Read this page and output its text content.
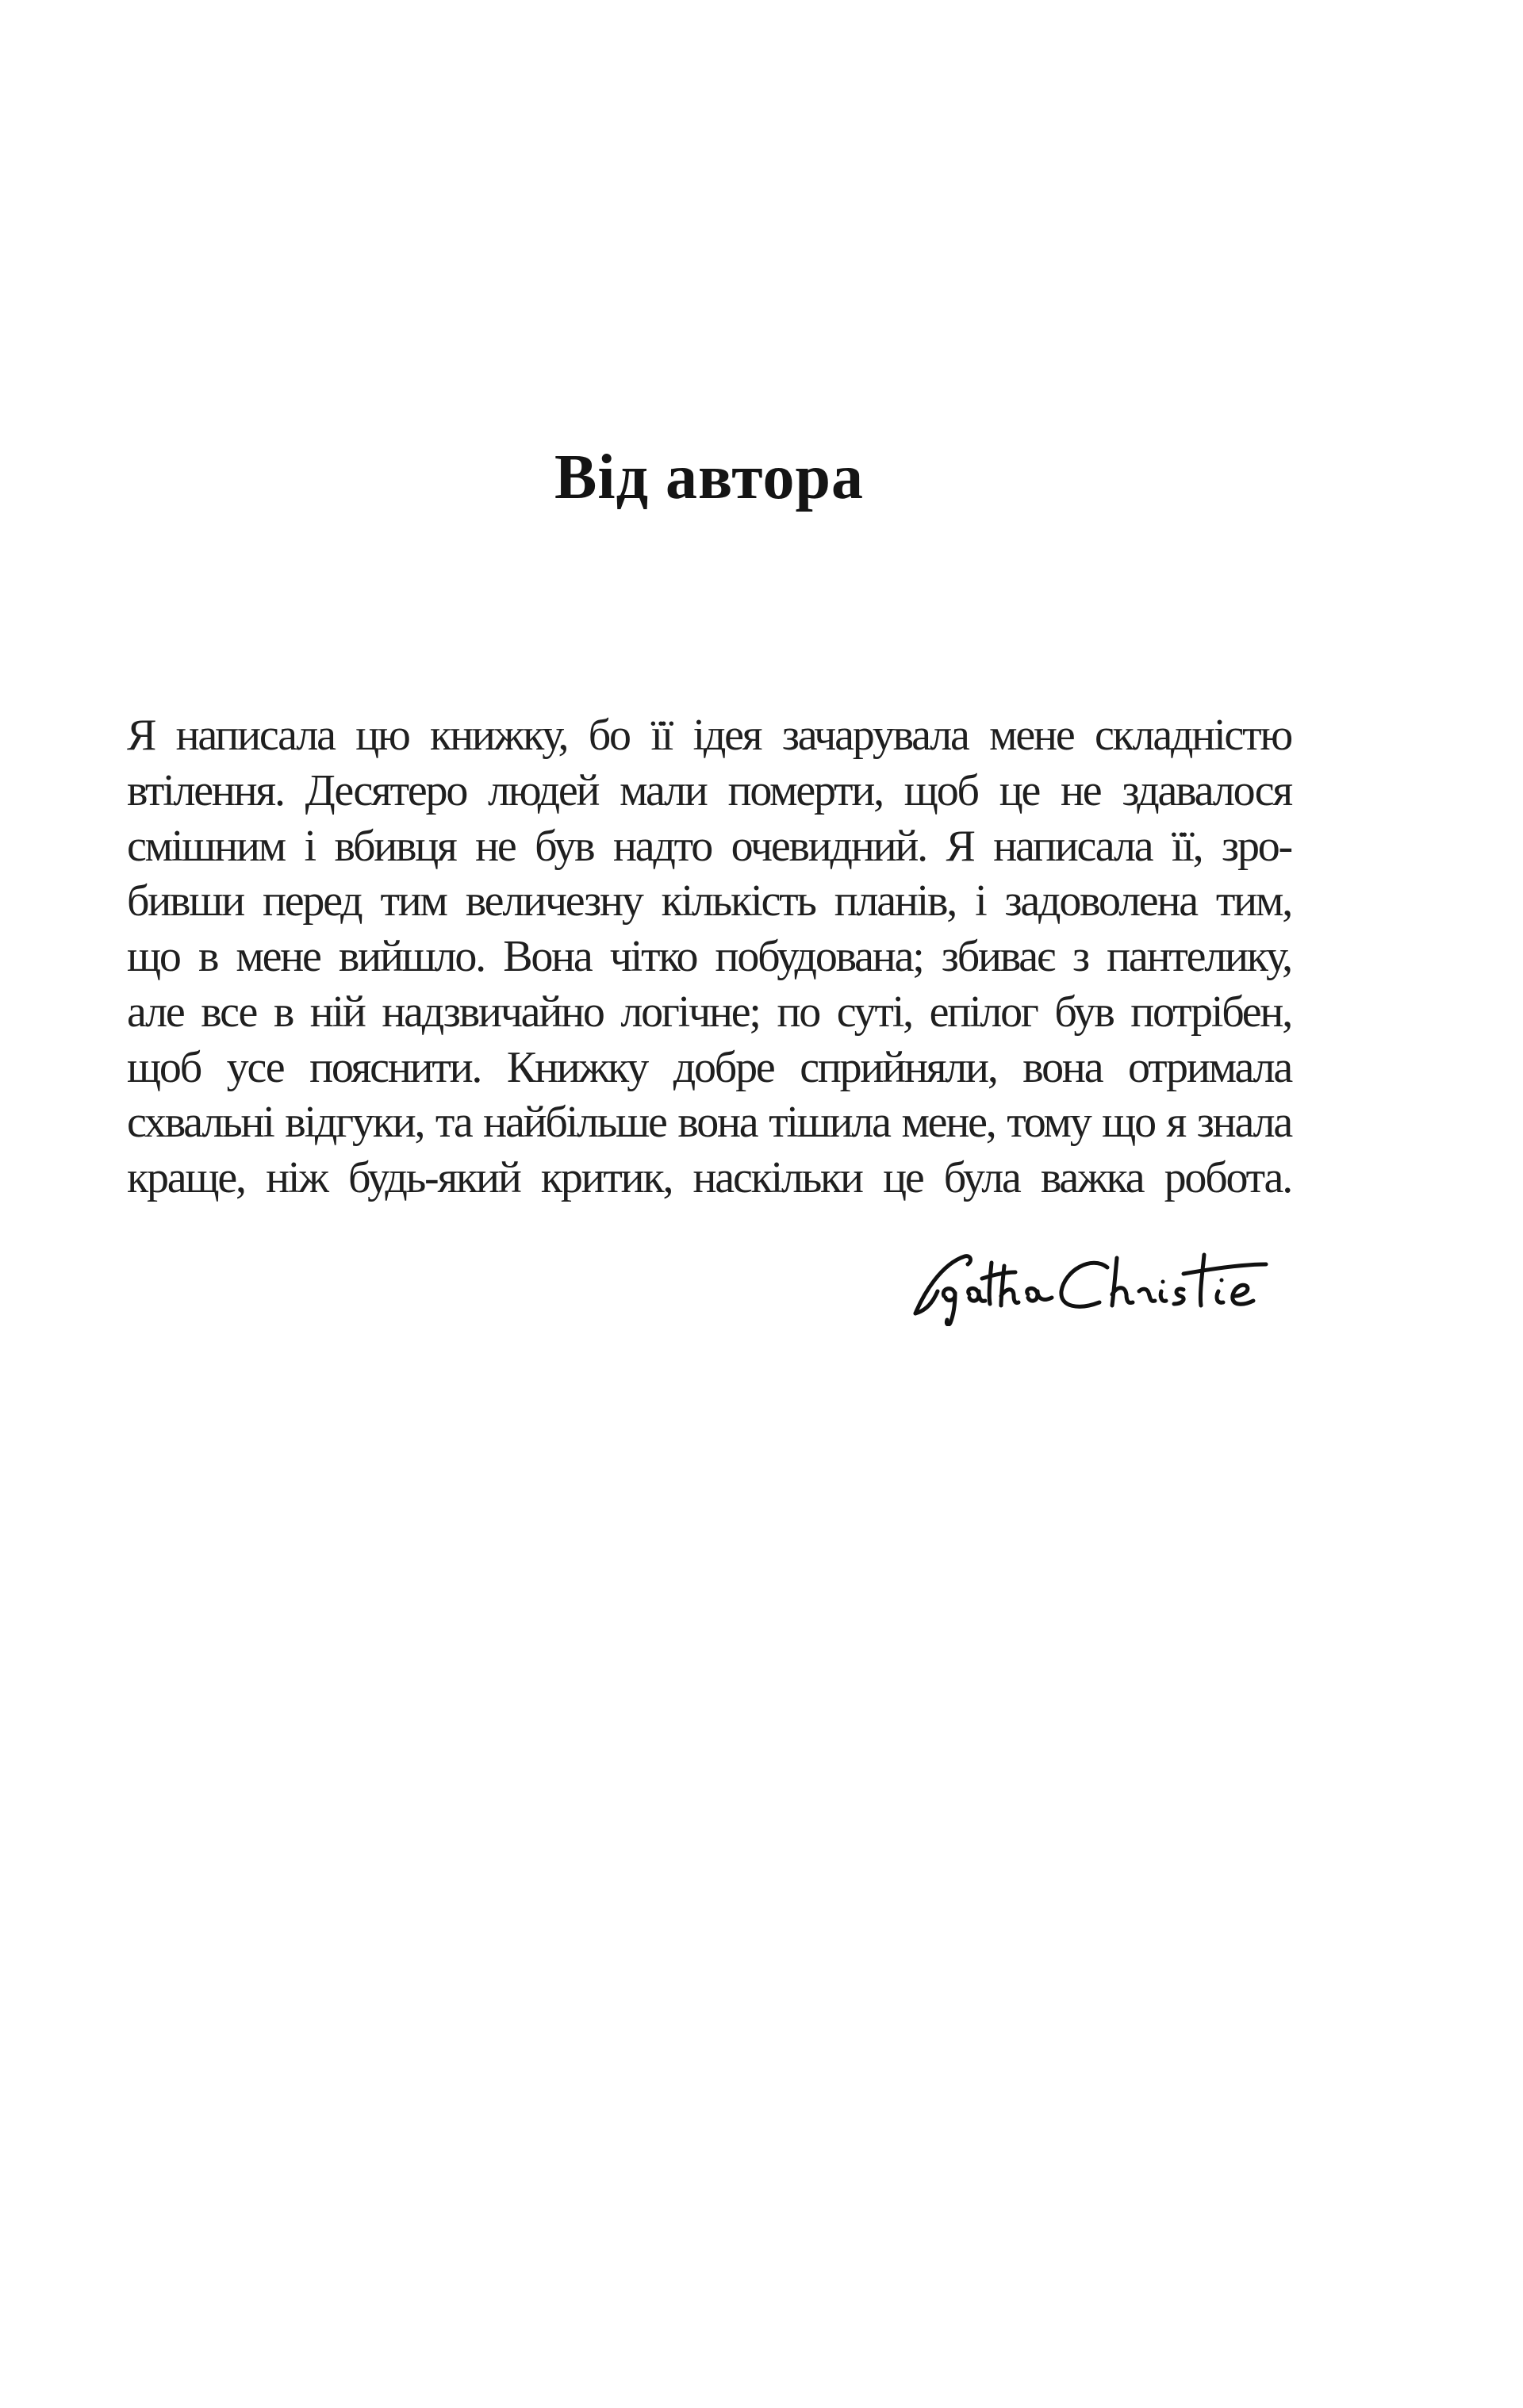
Від автора
Я написала цю книжку, бо її ідея зачарувала мене складністю
втілення. Десятеро людей мали померти, щоб це не здавалося
смішним і вбивця не був надто очевидний. Я написала її, зро-
бивши перед тим величезну кількість планів, і задоволена тим,
що в мене вийшло. Вона чітко побудована; збиває з пантелику,
але все в ній надзвичайно логічне; по суті, епілог був потрібен,
щоб усе пояснити. Книжку добре сприйняли, вона отримала
схвальні відгуки, та найбільше вона тішила мене, тому що я знала
краще, ніж будь-який критик, наскільки це була важка робота.
